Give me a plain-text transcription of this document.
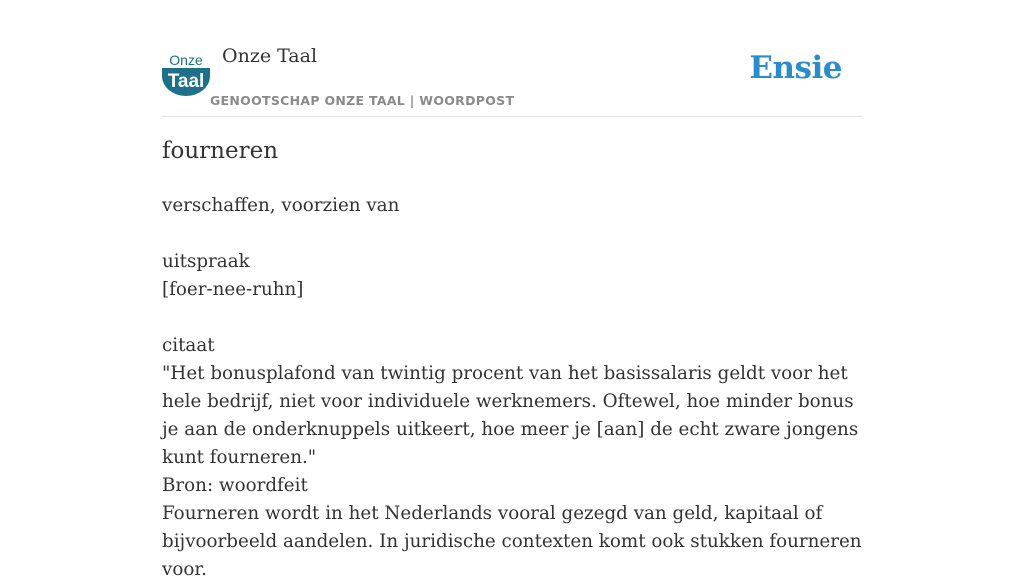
Onze
Taal
Onze Taal
GENOOTSCHAP ONZE TAAL | WOORDPOST
Ensie
fourneren

verschaffen, voorzien van

uitspraak

[foer-nee-ruhn]

citaat

"Het bonusplafond van twintig procent van het basissalaris geldt voor het hele bedrijf, niet voor individuele werknemers. Oftewel, hoe minder bonus je aan de onderknuppels uitkeert, hoe meer je [aan] de echt zware jongens kunt fourneren."

Bron: woordfeit

Fourneren wordt in het Nederlands vooral gezegd van geld, kapitaal of bijvoorbeeld aandelen. In juridische contexten komt ook stukken fourneren voor.
